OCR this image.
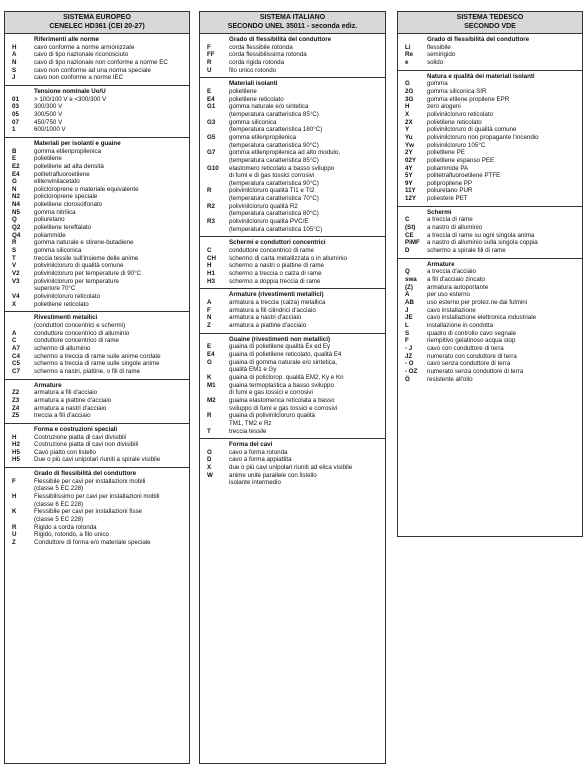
SISTEMA EUROPEO
CENELEC HD361 (CEI 20-27)
Riferimenti alle norme
H	cavo conforme a norme armonizzate
A	cavo di tipo nazionale riconosciuto
N	cavo di tipo nazionale non conforme a norme EC
S	cavo non conforme ad una norma speciale
J	cavo non conforme a norme IEC
Tensione nominale Uo/U
01	> 100/100 V e <300/300 V
03	300/300 V
05	300/500 V
07	450/750 V
1	600/1000 V
Materiali per isolanti e guaine
B	gomma etilenpropilenica
E	polietilene
E2	polietilene ad alta densità
E4	politetrafluoroetilene
G	etilenvinilacetato
N	policloroprene o materiale equivalente
N2	policloroprene speciale
N4	polietilene clorosolfonato
N5	gomma nitrilica
Q	poliuretano
Q2	polietilene tereftalato
Q4	poliammide
R	gomma naturale e stirene-butadiene
S	gomma siliconica
T	treccia tessile sull'insieme delle anime
V	polivinilcloruro di qualità comune
V2	polivinilcloruro per temperature di 90°C
V3	polivinilcloruro per temperature
superiore 70°C
V4	polivinilcloruro reticolato
X	polietilene reticolato
Rivestimenti metallici
(conduttori concentrici e schermi)
A	conduttore concentrico di alluminio
C	conduttore concentrico di rame
A7	schermo di alluminio
C4	schermo a treccia di rame sulle anime cordate
C5	schermo a treccia di rame sulle singole anime
C7	schermo a nastri, piattine, o fili di rame
Armature
Z2	armatura a fili d'acciaio
Z3	armatura a piattine d'acciaio
Z4	armatura a nastri d'acciaio
Z5	treccia a fili d'acciaio
Forma e costruzioni speciali
H	Costruzione piatta di cavi divisibili
H2	Costruzione piatta di cavi non divisibili
H5	Cavo piatto con listello
H5	Due o più cavi unipolari riuniti a spirale visibile
Grado di flessibilità del conduttore
F	Flessibile per cavi per installazioni mobili
(classe 5 EC 228)
H	Flessibilissimo per cavi per installazioni mobili
(classe 6 EC 228)
K	Flessibile per cavi per installazioni fisse
(classe 5 EC 228)
R	Rigido a corda rotonda
U	Rigido, rotondo, a filo unico
Z	Conduttore di forma e/o materiale speciale
SISTEMA ITALIANO
SECONDO UNEL 35011 - seconda ediz.
Grado di flessibilità del conduttore
F	corda flessibile rotonda
FF	corda flessibilissima rotonda
R	corda rigida rotonda
U	filo unico rotondo
Materiali isolanti
E	polietilene
E4	polietilene reticolato
G1	gomma naturale e/o sintetica
(temperatura caratteristica 85°C)
G3	gomma siliconica
(temperatura caratteristica 180°C)
G5	gomma etilenpropilenica
(temperatura caratteristica 90°C)
G7	gomma etilenpropilenica ad alto modulo,
(temperatura caratteristica 85°C)
G10	elastomero reticolato a basso sviluppo
di fumi e di gas tossici corrosivi
(temperatura caratteristica 90°C)
R	polivinilcloruro qualità TI1 e TI2
(temperatura caratteristica 70°C)
R2	polivinilcloruro qualità R2
(temperatura caratteristica 80°C)
R3	polivinilcloruro qualità PVC/E
(temperatura caratteristica 105°C)
Schermi e conduttori concentrici
C	conduttore concentrico di rame
CH	schermo di carta metallizzata o in alluminio
H	schermo a nastri o piattine di rame
H1	schermo a treccia o calza di rame
H3	schermo a doppia treccia di rame
Armature (rivestimenti metallici)
A	armatura a treccia (calza) metallica
F	armatura a fili cilindrici d'acciaio
N	armatura a nastri d'acciaio
Z	armatura a piattine d'acciaio
Guaine (rivestimenti non metallici)
E	guaina di polietilene qualità Ex ed Ey
E4	guaina di polietilene reticolato, qualità E4
G	guaina di gomma naturale e/o sintetica,
qualità EM1 e Gy
K	guaina di policlorop. qualità EM2, Ky e Kn
M1	guaina termoplastica a basso sviluppo
di fumi e gas tossici e corrosivi
M2	guaina elastomerica reticolata a basso
sviluppo di fumi e gas tossici e corrosivi
R	guaina di polivinilcloruro qualità
TM1, TM2 e Rz
T	treccia tessile
Forma dei cavi
O	cavo a forma rotonda
D	cavo a forma appiattita
X	due o più cavi unipolari riuniti ad elica visibile
W	anime unite parallele con listello
isolante intermedio
SISTEMA TEDESCO
SECONDO VDE
Grado di flessibilità del conduttore
Li	flessibile
Re	semirigido
e	solido
Natura e qualità dei materiali isolanti
G	gomma
2G	gomma siliconica SIR
3G	gomma etilene propilene EPR
H	zero alogeni
X	polivinilcloruro reticolato
2X	polietilene reticolato
Y	polivinilcloruro di qualità comune
Yu	polivinilcloruro non propagante l'incendio
Yw	polivinilcloruro 105°C
2Y	polietilene PE
02Y	polietilene espanso PEE
4Y	poliammide PA
5Y	politetrafluoroetilene PTFE
9Y	polipropilene PP
11Y	poliuretano PUR
12Y	poliestere PET
Schermi
C	a treccia di rame
(St)	a nastro di alluminio
CE	a treccia di rame su ogni singola anima
PiMF	a nastro di alluminio sulla singola coppia
D	schermo a spirale fili di rame
Armature
Q	a treccia d'acciaio
swa	a fili d'acciaio zincato
(Z)	armatura autoportante
A	per uso esterno
AB	uso esterno per protez.ne dai fulmini
J	cavo installazione
JE	cavo installazione elettronica industriale
L	installazione in condotta
S	quadro di controllo cavo segnale
F	riempitivo gelatinoso acqua stop
- J	cavo con conduttore di terra
JZ	numerato con conduttore di terra
- O	cavo senza conduttore di terra
- OZ	numerato senza conduttore di terra
Ö	resistente all'olio
